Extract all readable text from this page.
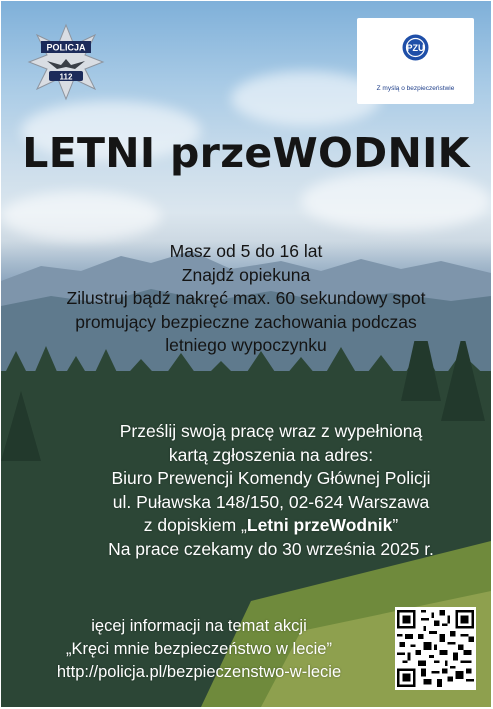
POLICJA
112
PZU
Z myślą o bezpieczeństwie
LETNI przeWODNIK
Masz od 5 do 16 lat
Znajdź opiekuna
Zilustruj bądź nakręć max. 60 sekundowy spot
promujący bezpieczne zachowania podczas
letniego wypoczynku
Prześlij swoją pracę wraz z wypełnioną
kartą zgłoszenia na adres:
Biuro Prewencji Komendy Głównej Policji
ul. Puławska 148/150, 02-624 Warszawa
z dopiskiem „Letni przeWodnik”
Na prace czekamy do 30 września 2025 r.
ięcej informacji na temat akcji
„Kręci mnie bezpieczeństwo w lecie”
http://policja.pl/bezpieczenstwo-w-lecie
